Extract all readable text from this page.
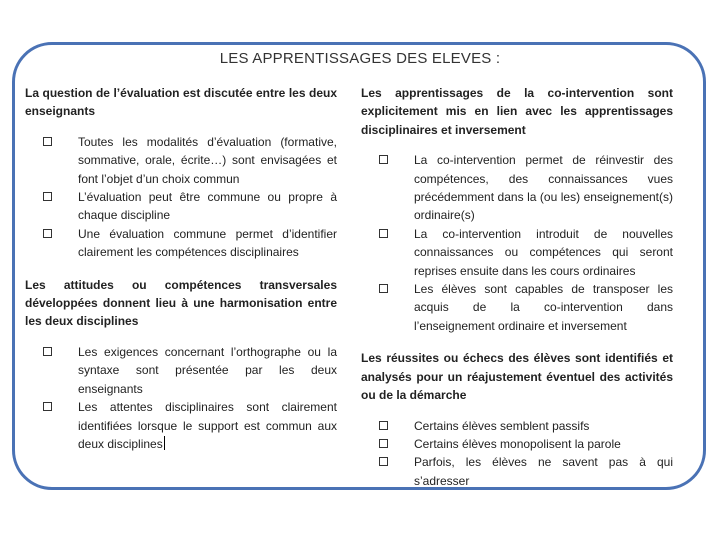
LES APPRENTISSAGES DES ELEVES :
La question de l’évaluation est discutée entre les deux enseignants
Toutes les modalités d’évaluation (formative, sommative, orale, écrite…) sont envisagées et font l’objet d’un choix commun
L’évaluation peut être commune ou propre à chaque discipline
Une évaluation commune permet d’identifier clairement les compétences disciplinaires
Les attitudes ou compétences transversales développées donnent lieu à une harmonisation entre les deux disciplines
Les exigences concernant l’orthographe ou la syntaxe sont présentée par les deux enseignants
Les attentes disciplinaires sont clairement identifiées lorsque le support est commun aux deux disciplines
Les apprentissages de la co-intervention sont explicitement mis en lien avec les apprentissages disciplinaires et inversement
La co-intervention permet de réinvestir des compétences, des connaissances vues précédemment dans la (ou les) enseignement(s) ordinaire(s)
La co-intervention introduit de nouvelles connaissances ou compétences qui seront reprises ensuite dans les cours ordinaires
Les élèves sont capables de transposer les acquis de la co-intervention dans l’enseignement ordinaire et inversement
Les réussites ou échecs des élèves sont identifiés et analysés pour un réajustement éventuel des activités ou de la démarche
Certains élèves semblent passifs
Certains élèves monopolisent la parole
Parfois, les élèves ne savent pas à qui s’adresser
